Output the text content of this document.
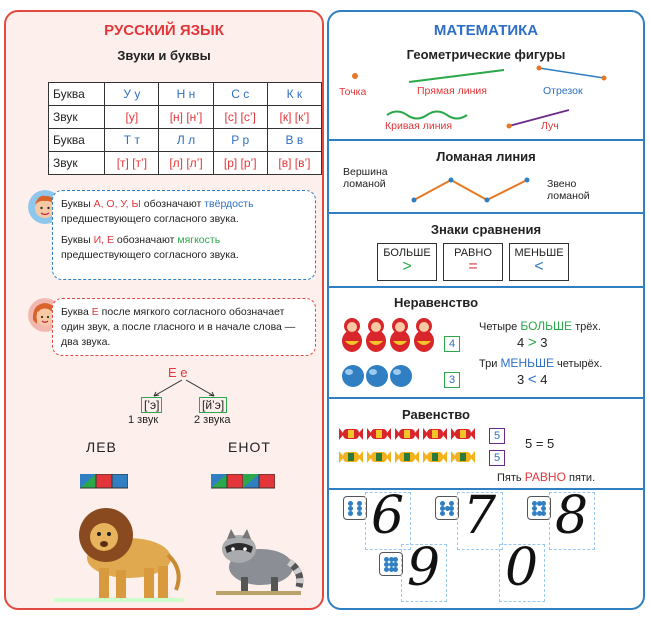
РУССКИЙ ЯЗЫК
Звуки и буквы
Буква	У у	Н н	С с	К к
Звук	[у]	[н] [н’]	[с] [с’]	[к] [к’]
Буква	Т т	Л л	Р р	В в
Звук	[т] [т’]	[л] [л’]	[р] [р’]	[в] [в’]
Буквы А, О, У, Ы обозначают твёрдость предшествующего согласного звука.
Буквы И, Е обозначают мягкость предшествующего согласного звука.
Буква Е после мягкого согласного обозначает один звук, а после гласного и в начале слова — два звука.
Е е
[’э]	[й’э]
1 звук	2 звука
ЛЕВ	ЕНОТ
МАТЕМАТИКА
Геометрические фигуры
Точка	Прямая линия	Отрезок
Кривая линия	Луч
Ломаная линия
Вершина ломаной	Звено ломаной
Знаки сравнения
БОЛЬШЕ
>
РАВНО
=
МЕНЬШЕ
<
Неравенство
4
3
Четыре БОЛЬШЕ трёх.
4 > 3
Три МЕНЬШЕ четырёх.
3 < 4
Равенство
5
5
5 = 5
Пять РАВНО пяти.
6 7 8
9 0
